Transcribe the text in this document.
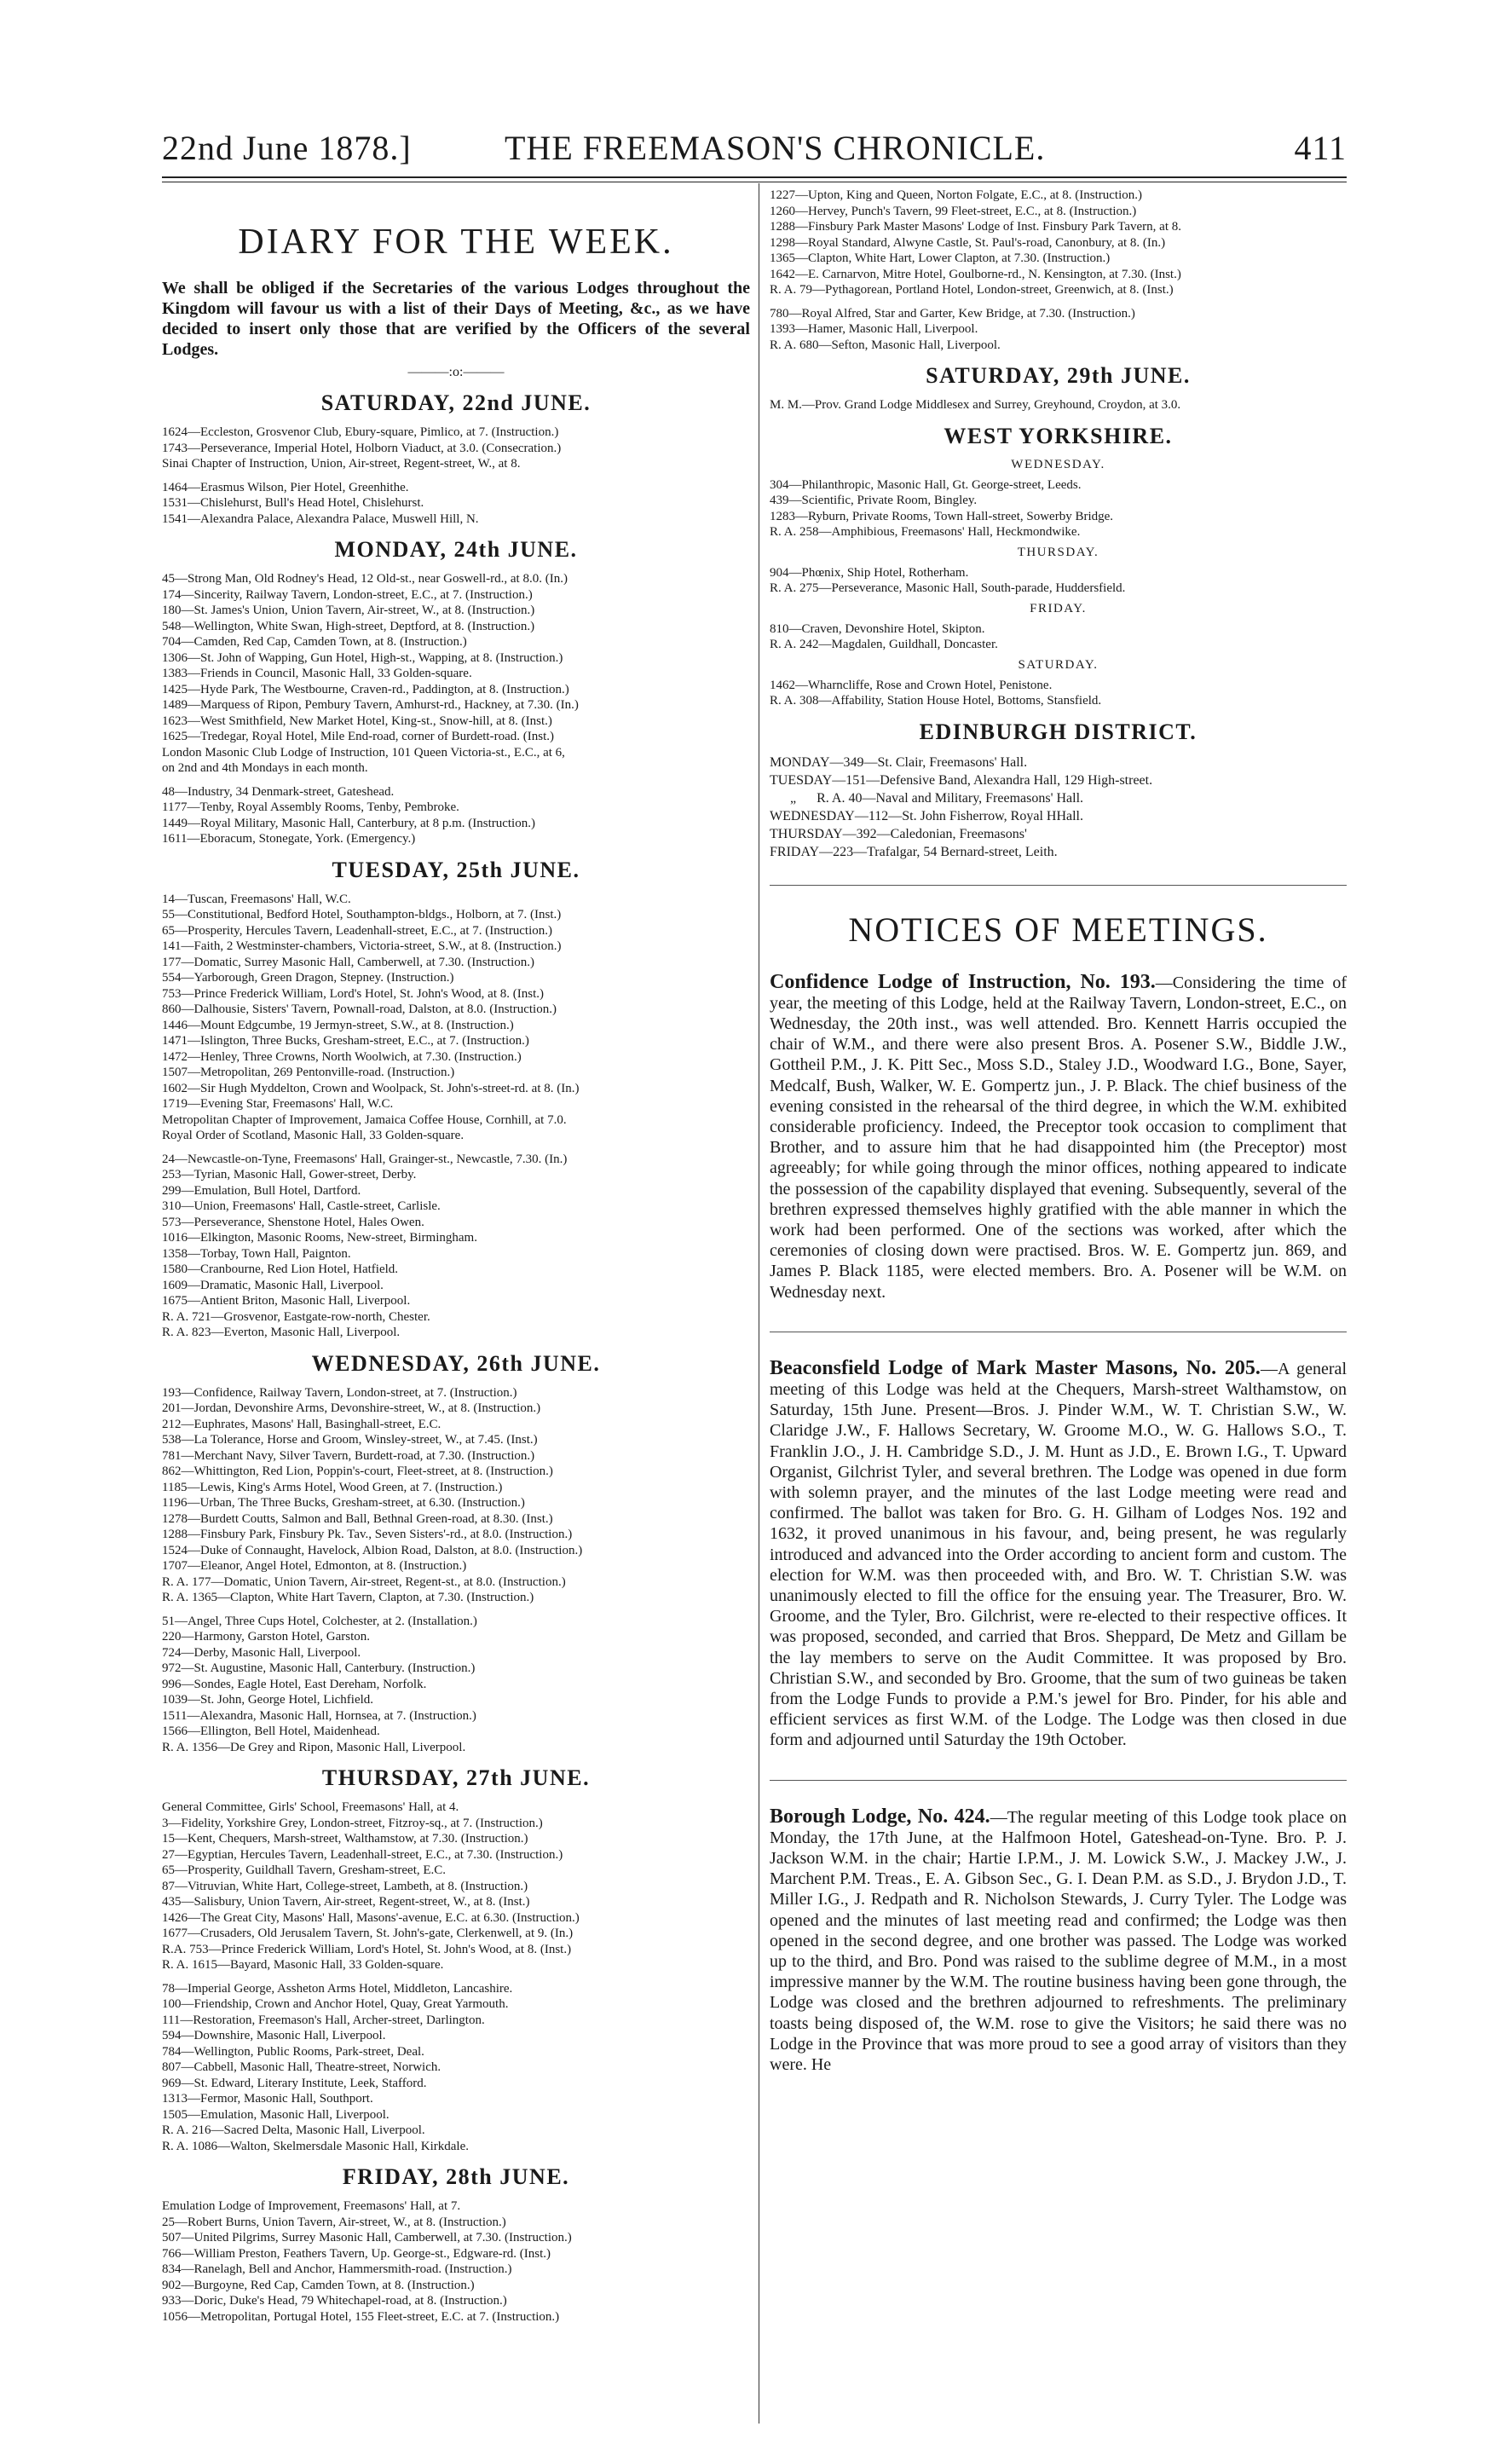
22nd June 1878.]	THE FREEMASON'S CHRONICLE.	411
DIARY FOR THE WEEK.
We shall be obliged if the Secretaries of the various Lodges throughout the Kingdom will favour us with a list of their Days of Meeting, &c., as we have decided to insert only those that are verified by the Officers of the several Lodges.
———:o:———
SATURDAY, 22nd JUNE.
1624—Eccleston, Grosvenor Club, Ebury-square, Pimlico, at 7. (Instruction.)
1743—Perseverance, Imperial Hotel, Holborn Viaduct, at 3.0. (Consecration.)
Sinai Chapter of Instruction, Union, Air-street, Regent-street, W., at 8.
1464—Erasmus Wilson, Pier Hotel, Greenhithe.
1531—Chislehurst, Bull's Head Hotel, Chislehurst.
1541—Alexandra Palace, Alexandra Palace, Muswell Hill, N.
MONDAY, 24th JUNE.
45—Strong Man, Old Rodney's Head, 12 Old-st., near Goswell-rd., at 8.0. (In.)
174—Sincerity, Railway Tavern, London-street, E.C., at 7. (Instruction.)
180—St. James's Union, Union Tavern, Air-street, W., at 8. (Instruction.)
548—Wellington, White Swan, High-street, Deptford, at 8. (Instruction.)
704—Camden, Red Cap, Camden Town, at 8. (Instruction.)
1306—St. John of Wapping, Gun Hotel, High-st., Wapping, at 8. (Instruction.)
1383—Friends in Council, Masonic Hall, 33 Golden-square.
1425—Hyde Park, The Westbourne, Craven-rd., Paddington, at 8. (Instruction.)
1489—Marquess of Ripon, Pembury Tavern, Amhurst-rd., Hackney, at 7.30. (In.)
1623—West Smithfield, New Market Hotel, King-st., Snow-hill, at 8. (Inst.)
1625—Tredegar, Royal Hotel, Mile End-road, corner of Burdett-road. (Inst.)
London Masonic Club Lodge of Instruction, 101 Queen Victoria-st., E.C., at 6,
on 2nd and 4th Mondays in each month.
48—Industry, 34 Denmark-street, Gateshead.
1177—Tenby, Royal Assembly Rooms, Tenby, Pembroke.
1449—Royal Military, Masonic Hall, Canterbury, at 8 p.m. (Instruction.)
1611—Eboracum, Stonegate, York. (Emergency.)
TUESDAY, 25th JUNE.
14—Tuscan, Freemasons' Hall, W.C.
55—Constitutional, Bedford Hotel, Southampton-bldgs., Holborn, at 7. (Inst.)
65—Prosperity, Hercules Tavern, Leadenhall-street, E.C., at 7. (Instruction.)
141—Faith, 2 Westminster-chambers, Victoria-street, S.W., at 8. (Instruction.)
177—Domatic, Surrey Masonic Hall, Camberwell, at 7.30. (Instruction.)
554—Yarborough, Green Dragon, Stepney. (Instruction.)
753—Prince Frederick William, Lord's Hotel, St. John's Wood, at 8. (Inst.)
860—Dalhousie, Sisters' Tavern, Pownall-road, Dalston, at 8.0. (Instruction.)
1446—Mount Edgcumbe, 19 Jermyn-street, S.W., at 8. (Instruction.)
1471—Islington, Three Bucks, Gresham-street, E.C., at 7. (Instruction.)
1472—Henley, Three Crowns, North Woolwich, at 7.30. (Instruction.)
1507—Metropolitan, 269 Pentonville-road. (Instruction.)
1602—Sir Hugh Myddelton, Crown and Woolpack, St. John's-street-rd. at 8. (In.)
1719—Evening Star, Freemasons' Hall, W.C.
Metropolitan Chapter of Improvement, Jamaica Coffee House, Cornhill, at 7.0.
Royal Order of Scotland, Masonic Hall, 33 Golden-square.
24—Newcastle-on-Tyne, Freemasons' Hall, Grainger-st., Newcastle, 7.30. (In.)
253—Tyrian, Masonic Hall, Gower-street, Derby.
299—Emulation, Bull Hotel, Dartford.
310—Union, Freemasons' Hall, Castle-street, Carlisle.
573—Perseverance, Shenstone Hotel, Hales Owen.
1016—Elkington, Masonic Rooms, New-street, Birmingham.
1358—Torbay, Town Hall, Paignton.
1580—Cranbourne, Red Lion Hotel, Hatfield.
1609—Dramatic, Masonic Hall, Liverpool.
1675—Antient Briton, Masonic Hall, Liverpool.
R. A. 721—Grosvenor, Eastgate-row-north, Chester.
R. A. 823—Everton, Masonic Hall, Liverpool.
WEDNESDAY, 26th JUNE.
193—Confidence, Railway Tavern, London-street, at 7. (Instruction.)
201—Jordan, Devonshire Arms, Devonshire-street, W., at 8. (Instruction.)
212—Euphrates, Masons' Hall, Basinghall-street, E.C.
538—La Tolerance, Horse and Groom, Winsley-street, W., at 7.45. (Inst.)
781—Merchant Navy, Silver Tavern, Burdett-road, at 7.30. (Instruction.)
862—Whittington, Red Lion, Poppin's-court, Fleet-street, at 8. (Instruction.)
1185—Lewis, King's Arms Hotel, Wood Green, at 7. (Instruction.)
1196—Urban, The Three Bucks, Gresham-street, at 6.30. (Instruction.)
1278—Burdett Coutts, Salmon and Ball, Bethnal Green-road, at 8.30. (Inst.)
1288—Finsbury Park, Finsbury Pk. Tav., Seven Sisters'-rd., at 8.0. (Instruction.)
1524—Duke of Connaught, Havelock, Albion Road, Dalston, at 8.0. (Instruction.)
1707—Eleanor, Angel Hotel, Edmonton, at 8. (Instruction.)
R. A. 177—Domatic, Union Tavern, Air-street, Regent-st., at 8.0. (Instruction.)
R. A. 1365—Clapton, White Hart Tavern, Clapton, at 7.30. (Instruction.)
51—Angel, Three Cups Hotel, Colchester, at 2. (Installation.)
220—Harmony, Garston Hotel, Garston.
724—Derby, Masonic Hall, Liverpool.
972—St. Augustine, Masonic Hall, Canterbury. (Instruction.)
996—Sondes, Eagle Hotel, East Dereham, Norfolk.
1039—St. John, George Hotel, Lichfield.
1511—Alexandra, Masonic Hall, Hornsea, at 7. (Instruction.)
1566—Ellington, Bell Hotel, Maidenhead.
R. A. 1356—De Grey and Ripon, Masonic Hall, Liverpool.
THURSDAY, 27th JUNE.
General Committee, Girls' School, Freemasons' Hall, at 4.
3—Fidelity, Yorkshire Grey, London-street, Fitzroy-sq., at 7. (Instruction.)
15—Kent, Chequers, Marsh-street, Walthamstow, at 7.30. (Instruction.)
27—Egyptian, Hercules Tavern, Leadenhall-street, E.C., at 7.30. (Instruction.)
65—Prosperity, Guildhall Tavern, Gresham-street, E.C.
87—Vitruvian, White Hart, College-street, Lambeth, at 8. (Instruction.)
435—Salisbury, Union Tavern, Air-street, Regent-street, W., at 8. (Inst.)
1426—The Great City, Masons' Hall, Masons'-avenue, E.C. at 6.30. (Instruction.)
1677—Crusaders, Old Jerusalem Tavern, St. John's-gate, Clerkenwell, at 9. (In.)
R.A. 753—Prince Frederick William, Lord's Hotel, St. John's Wood, at 8. (Inst.)
R. A. 1615—Bayard, Masonic Hall, 33 Golden-square.
78—Imperial George, Assheton Arms Hotel, Middleton, Lancashire.
100—Friendship, Crown and Anchor Hotel, Quay, Great Yarmouth.
111—Restoration, Freemason's Hall, Archer-street, Darlington.
594—Downshire, Masonic Hall, Liverpool.
784—Wellington, Public Rooms, Park-street, Deal.
807—Cabbell, Masonic Hall, Theatre-street, Norwich.
969—St. Edward, Literary Institute, Leek, Stafford.
1313—Fermor, Masonic Hall, Southport.
1505—Emulation, Masonic Hall, Liverpool.
R. A. 216—Sacred Delta, Masonic Hall, Liverpool.
R. A. 1086—Walton, Skelmersdale Masonic Hall, Kirkdale.
FRIDAY, 28th JUNE.
Emulation Lodge of Improvement, Freemasons' Hall, at 7.
25—Robert Burns, Union Tavern, Air-street, W., at 8. (Instruction.)
507—United Pilgrims, Surrey Masonic Hall, Camberwell, at 7.30. (Instruction.)
766—William Preston, Feathers Tavern, Up. George-st., Edgware-rd. (Inst.)
834—Ranelagh, Bell and Anchor, Hammersmith-road. (Instruction.)
902—Burgoyne, Red Cap, Camden Town, at 8. (Instruction.)
933—Doric, Duke's Head, 79 Whitechapel-road, at 8. (Instruction.)
1056—Metropolitan, Portugal Hotel, 155 Fleet-street, E.C. at 7. (Instruction.)
1227—Upton, King and Queen, Norton Folgate, E.C., at 8. (Instruction.)
1260—Hervey, Punch's Tavern, 99 Fleet-street, E.C., at 8. (Instruction.)
1288—Finsbury Park Master Masons' Lodge of Inst. Finsbury Park Tavern, at 8.
1298—Royal Standard, Alwyne Castle, St. Paul's-road, Canonbury, at 8. (In.)
1365—Clapton, White Hart, Lower Clapton, at 7.30. (Instruction.)
1642—E. Carnarvon, Mitre Hotel, Goulborne-rd., N. Kensington, at 7.30. (Inst.)
R. A. 79—Pythagorean, Portland Hotel, London-street, Greenwich, at 8. (Inst.)
780—Royal Alfred, Star and Garter, Kew Bridge, at 7.30. (Instruction.)
1393—Hamer, Masonic Hall, Liverpool.
R. A. 680—Sefton, Masonic Hall, Liverpool.
SATURDAY, 29th JUNE.
M. M.—Prov. Grand Lodge Middlesex and Surrey, Greyhound, Croydon, at 3.0.
WEST YORKSHIRE.
WEDNESDAY.
304—Philanthropic, Masonic Hall, Gt. George-street, Leeds.
439—Scientific, Private Room, Bingley.
1283—Ryburn, Private Rooms, Town Hall-street, Sowerby Bridge.
R. A. 258—Amphibious, Freemasons' Hall, Heckmondwike.
THURSDAY.
904—Phœnix, Ship Hotel, Rotherham.
R. A. 275—Perseverance, Masonic Hall, South-parade, Huddersfield.
FRIDAY.
810—Craven, Devonshire Hotel, Skipton.
R. A. 242—Magdalen, Guildhall, Doncaster.
SATURDAY.
1462—Wharncliffe, Rose and Crown Hotel, Penistone.
R. A. 308—Affability, Station House Hotel, Bottoms, Stansfield.
EDINBURGH DISTRICT.
MONDAY—349—St. Clair, Freemasons' Hall.
TUESDAY—151—Defensive Band, Alexandra Hall, 129 High-street.
„      R. A. 40—Naval and Military, Freemasons' Hall.
WEDNESDAY—112—St. John Fisherrow, Royal HHall.
THURSDAY—392—Caledonian, Freemasons'
FRIDAY—223—Trafalgar, 54 Bernard-street, Leith.
NOTICES OF MEETINGS.

Confidence Lodge of Instruction, No. 193.—Considering the time of year, the meeting of this Lodge, held at the Railway Tavern, London-street, E.C., on Wednesday, the 20th inst., was well attended. Bro. Kennett Harris occupied the chair of W.M., and there were also present Bros. A. Posener S.W., Biddle J.W., Gottheil P.M., J. K. Pitt Sec., Moss S.D., Staley J.D., Woodward I.G., Bone, Sayer, Medcalf, Bush, Walker, W. E. Gompertz jun., J. P. Black. The chief business of the evening consisted in the rehearsal of the third degree, in which the W.M. exhibited considerable proficiency. Indeed, the Preceptor took occasion to compliment that Brother, and to assure him that he had disappointed him (the Preceptor) most agreeably; for while going through the minor offices, nothing appeared to indicate the possession of the capability displayed that evening. Subsequently, several of the brethren expressed themselves highly gratified with the able manner in which the work had been performed. One of the sections was worked, after which the ceremonies of closing down were practised. Bros. W. E. Gompertz jun. 869, and James P. Black 1185, were elected members. Bro. A. Posener will be W.M. on Wednesday next.

Beaconsfield Lodge of Mark Master Masons, No. 205.—A general meeting of this Lodge was held at the Chequers, Marsh-street Walthamstow, on Saturday, 15th June. Present—Bros. J. Pinder W.M., W. T. Christian S.W., W. Claridge J.W., F. Hallows Secretary, W. Groome M.O., W. G. Hallows S.O., T. Franklin J.O., J. H. Cambridge S.D., J. M. Hunt as J.D., E. Brown I.G., T. Upward Organist, Gilchrist Tyler, and several brethren. The Lodge was opened in due form with solemn prayer, and the minutes of the last Lodge meeting were read and confirmed. The ballot was taken for Bro. G. H. Gilham of Lodges Nos. 192 and 1632, it proved unanimous in his favour, and, being present, he was regularly introduced and advanced into the Order according to ancient form and custom. The election for W.M. was then proceeded with, and Bro. W. T. Christian S.W. was unanimously elected to fill the office for the ensuing year. The Treasurer, Bro. W. Groome, and the Tyler, Bro. Gilchrist, were re-elected to their respective offices. It was proposed, seconded, and carried that Bros. Sheppard, De Metz and Gillam be the lay members to serve on the Audit Committee. It was proposed by Bro. Christian S.W., and seconded by Bro. Groome, that the sum of two guineas be taken from the Lodge Funds to provide a P.M.'s jewel for Bro. Pinder, for his able and efficient services as first W.M. of the Lodge. The Lodge was then closed in due form and adjourned until Saturday the 19th October.

Borough Lodge, No. 424.—The regular meeting of this Lodge took place on Monday, the 17th June, at the Halfmoon Hotel, Gateshead-on-Tyne. Bro. P. J. Jackson W.M. in the chair; Hartie I.P.M., J. M. Lowick S.W., J. Mackey J.W., J. Marchent P.M. Treas., E. A. Gibson Sec., G. I. Dean P.M. as S.D., J. Brydon J.D., T. Miller I.G., J. Redpath and R. Nicholson Stewards, J. Curry Tyler. The Lodge was opened and the minutes of last meeting read and confirmed; the Lodge was then opened in the second degree, and one brother was passed. The Lodge was worked up to the third, and Bro. Pond was raised to the sublime degree of M.M., in a most impressive manner by the W.M. The routine business having been gone through, the Lodge was closed and the brethren adjourned to refreshments. The preliminary toasts being disposed of, the W.M. rose to give the Visitors; he said there was no Lodge in the Province that was more proud to see a good array of visitors than they were. He
